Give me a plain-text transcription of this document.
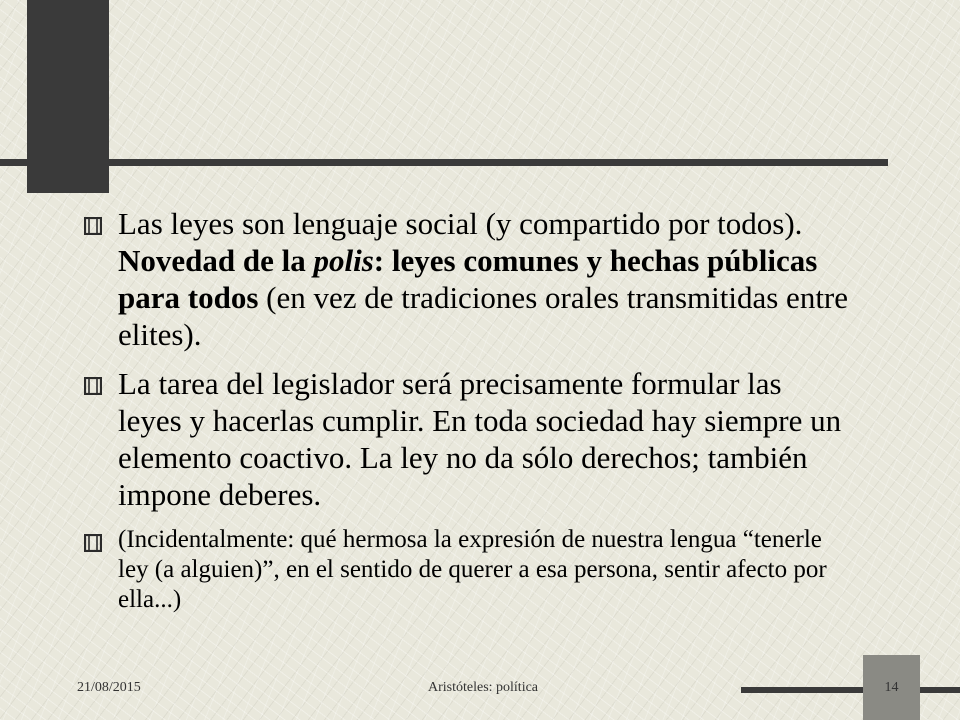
Las leyes son lenguaje social (y compartido por todos). Novedad de la polis: leyes comunes y hechas públicas para todos (en vez de tradiciones orales transmitidas entre elites).
La tarea del legislador será precisamente formular las leyes y hacerlas cumplir. En toda sociedad hay siempre un elemento coactivo. La ley no da sólo derechos; también impone deberes.
(Incidentalmente: qué hermosa la expresión de nuestra lengua “tenerle ley (a alguien)”, en el sentido de querer a esa persona, sentir afecto por ella...)
21/08/2015	Aristóteles: política	14
